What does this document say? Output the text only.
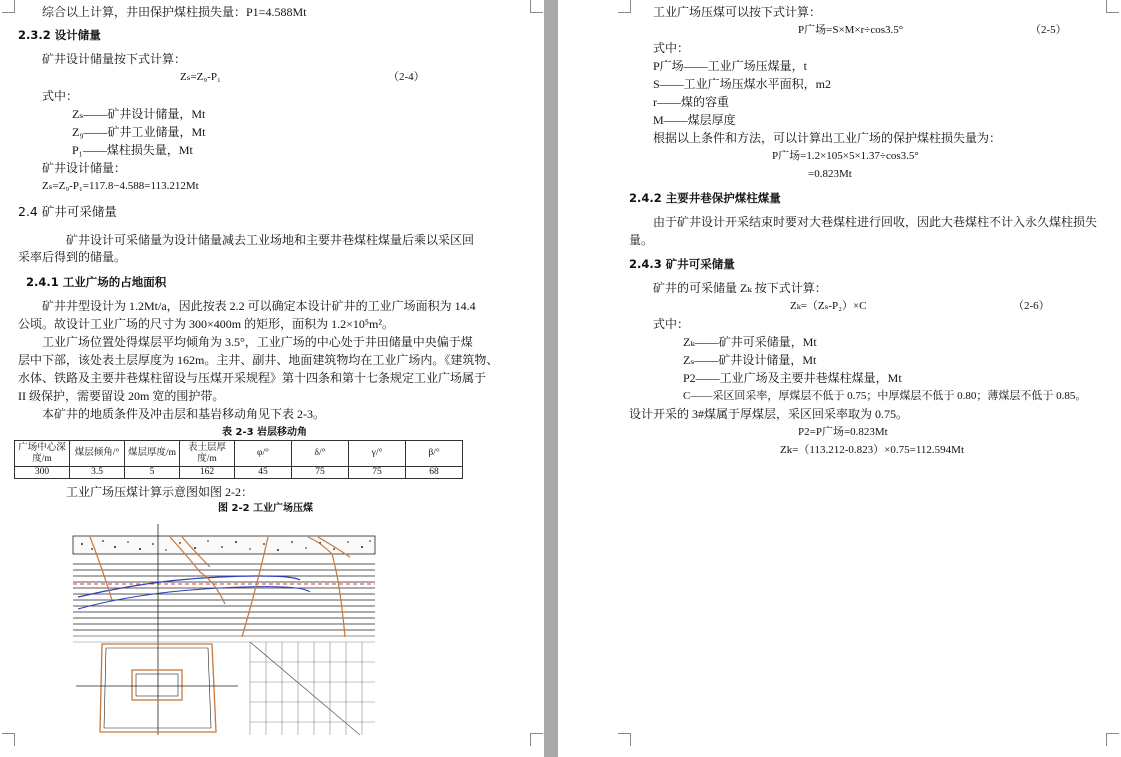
综合以上计算，井田保护煤柱损失量：P1=4.588Mt
2.3.2 设计储量
矿井设计储量按下式计算：
Zₛ=Z₉-P₁	（2-4）
式中：
Zₛ——矿井设计储量，Mt
Z₉——矿井工业储量，Mt
P₁——煤柱损失量，Mt
矿井设计储量：
Zₛ=Z₉-P₁=117.8−4.588=113.212Mt
2.4 矿井可采储量
矿井设计可采储量为设计储量减去工业场地和主要井巷煤柱煤量后乘以采区回
采率后得到的储量。
2.4.1 工业广场的占地面积
矿井井型设计为 1.2Mt/a，因此按表 2.2 可以确定本设计矿井的工业广场面积为 14.4
公顷。故设计工业广场的尺寸为 300×400m 的矩形，面积为 1.2×10⁵m²。
工业广场位置处得煤层平均倾角为 3.5°，工业广场的中心处于井田储量中央偏于煤
层中下部，该处表土层厚度为 162m。主井、副井、地面建筑物均在工业广场内。《建筑物、
水体、铁路及主要井巷煤柱留设与压煤开采规程》第十四条和第十七条规定工业广场属于
II 级保护，需要留设 20m 宽的围护带。
本矿井的地质条件及冲击层和基岩移动角见下表 2-3。
表 2-3 岩层移动角
广场中心深度/m	煤层倾角/°	煤层厚度/m	表土层厚度/m	φ/°	δ/°	γ/°	β/°
300	3.5	5	162	45	75	75	68
工业广场压煤计算示意图如图 2-2：
图 2-2 工业广场压煤
工业广场压煤可以按下式计算：
P广场=S×M×r÷cos3.5°	（2-5）
式中：
P广场——工业广场压煤量，t
S——工业广场压煤水平面积，m2
r——煤的容重
M——煤层厚度
根据以上条件和方法，可以计算出工业广场的保护煤柱损失量为：
P广场=1.2×105×5×1.37÷cos3.5°
=0.823Mt
2.4.2 主要井巷保护煤柱煤量
由于矿井设计开采结束时要对大巷煤柱进行回收，因此大巷煤柱不计入永久煤柱损失
量。
2.4.3 矿井可采储量
矿井的可采储量 Zₖ 按下式计算：
Zₖ=（Zₛ-P₂）×C	（2-6）
式中：
Zₖ——矿井可采储量，Mt
Zₛ——矿井设计储量，Mt
P2——工业广场及主要井巷煤柱煤量，Mt
C——采区回采率，厚煤层不低于 0.75；中厚煤层不低于 0.80；薄煤层不低于 0.85。
设计开采的 3#煤属于厚煤层，采区回采率取为 0.75。
P2=P广场=0.823Mt
Zk=（113.212-0.823）×0.75=112.594Mt
